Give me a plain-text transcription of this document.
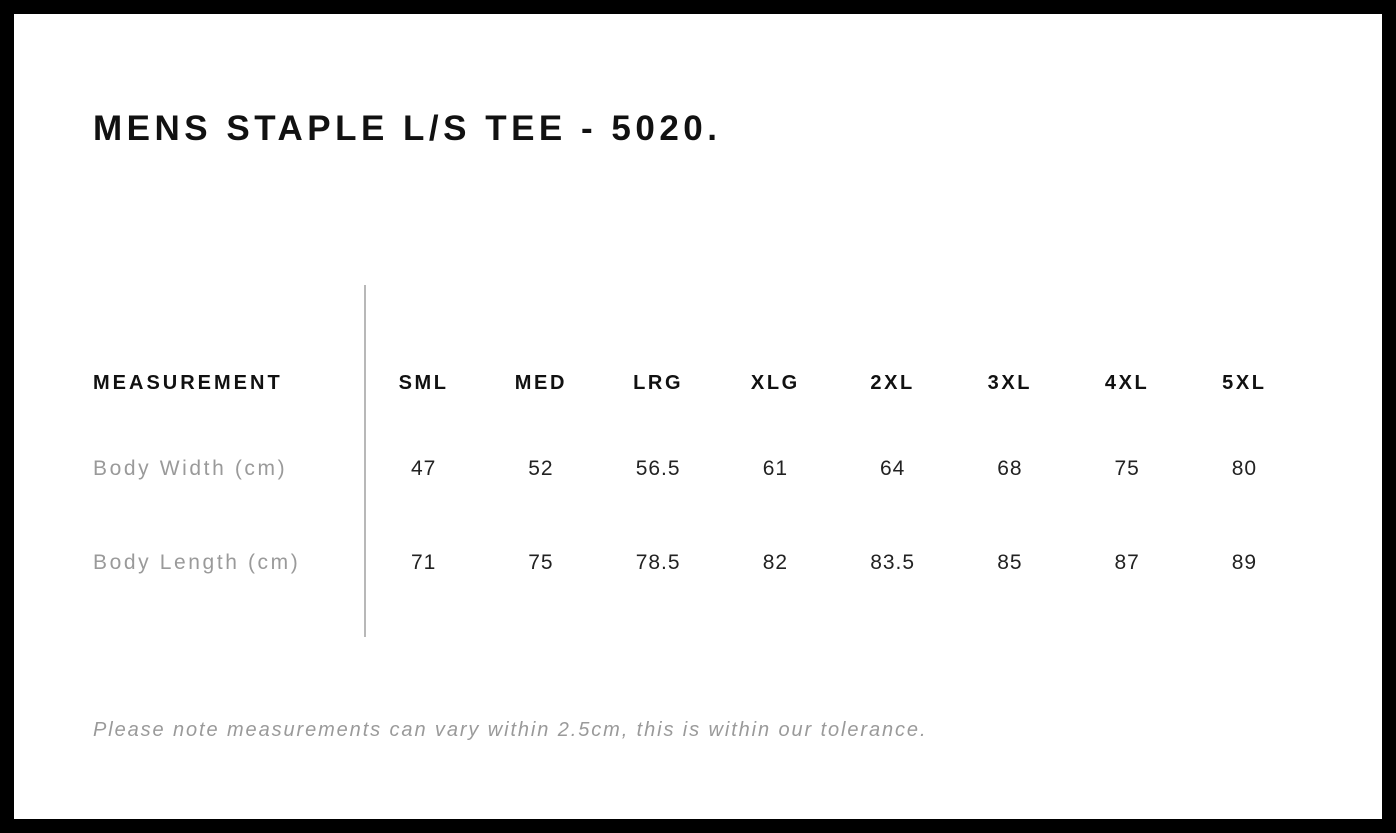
MENS STAPLE L/S TEE - 5020.
MEASUREMENT	SML	MED	LRG	XLG	2XL	3XL	4XL	5XL
Body Width (cm)	47	52	56.5	61	64	68	75	80
Body Length (cm)	71	75	78.5	82	83.5	85	87	89
Please note measurements can vary within 2.5cm, this is within our tolerance.
